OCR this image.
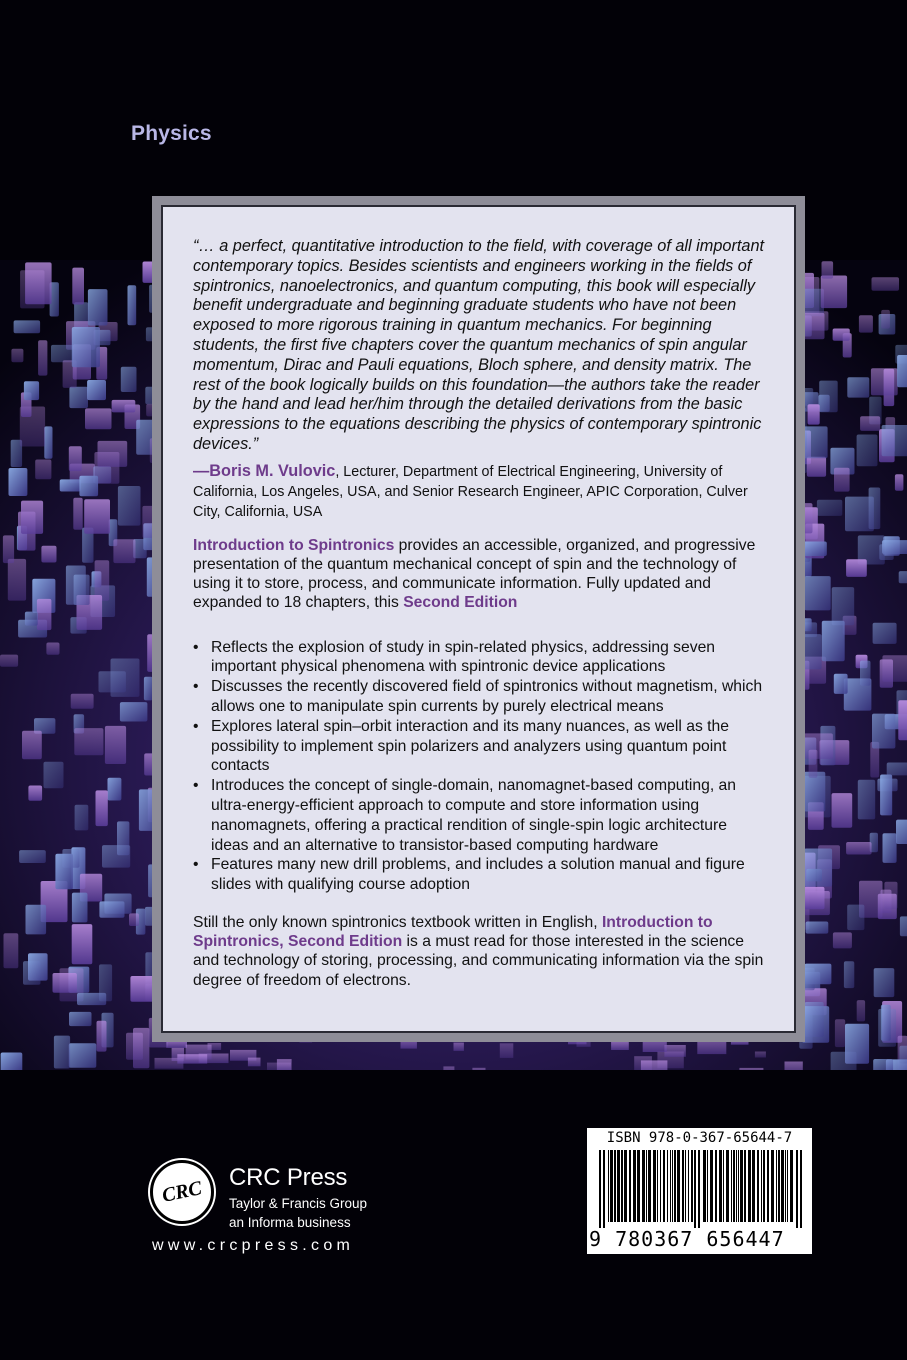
Physics

“… a perfect, quantitative introduction to the field, with coverage of all important contemporary topics. Besides scientists and engineers working in the fields of spintronics, nanoelectronics, and quantum computing, this book will especially benefit undergraduate and beginning graduate students who have not been exposed to more rigorous training in quantum mechanics. For beginning students, the first five chapters cover the quantum mechanics of spin angular momentum, Dirac and Pauli equations, Bloch sphere, and density matrix. The rest of the book logically builds on this foundation—the authors take the reader by the hand and lead her/him through the detailed derivations from the basic expressions to the equations describing the physics of contemporary spintronic devices.”

—Boris M. Vulovic, Lecturer, Department of Electrical Engineering, University of California, Los Angeles, USA, and Senior Research Engineer, APIC Corporation, Culver City, California, USA

Introduction to Spintronics provides an accessible, organized, and progressive presentation of the quantum mechanical concept of spin and the technology of using it to store, process, and communicate information. Fully updated and expanded to 18 chapters, this Second Edition

• Reflects the explosion of study in spin-related physics, addressing seven important physical phenomena with spintronic device applications
• Discusses the recently discovered field of spintronics without magnetism, which allows one to manipulate spin currents by purely electrical means
• Explores lateral spin–orbit interaction and its many nuances, as well as the possibility to implement spin polarizers and analyzers using quantum point contacts
• Introduces the concept of single-domain, nanomagnet-based computing, an ultra-energy-efficient approach to compute and store information using nanomagnets, offering a practical rendition of single-spin logic architecture ideas and an alternative to transistor-based computing hardware
• Features many new drill problems, and includes a solution manual and figure slides with qualifying course adoption

Still the only known spintronics textbook written in English, Introduction to Spintronics, Second Edition is a must read for those interested in the science and technology of storing, processing, and communicating information via the spin degree of freedom of electrons.

CRC CRC Press
Taylor & Francis Group
an Informa business
www.crcpress.com
ISBN 978-0-367-65644-7
9 780367 656447
